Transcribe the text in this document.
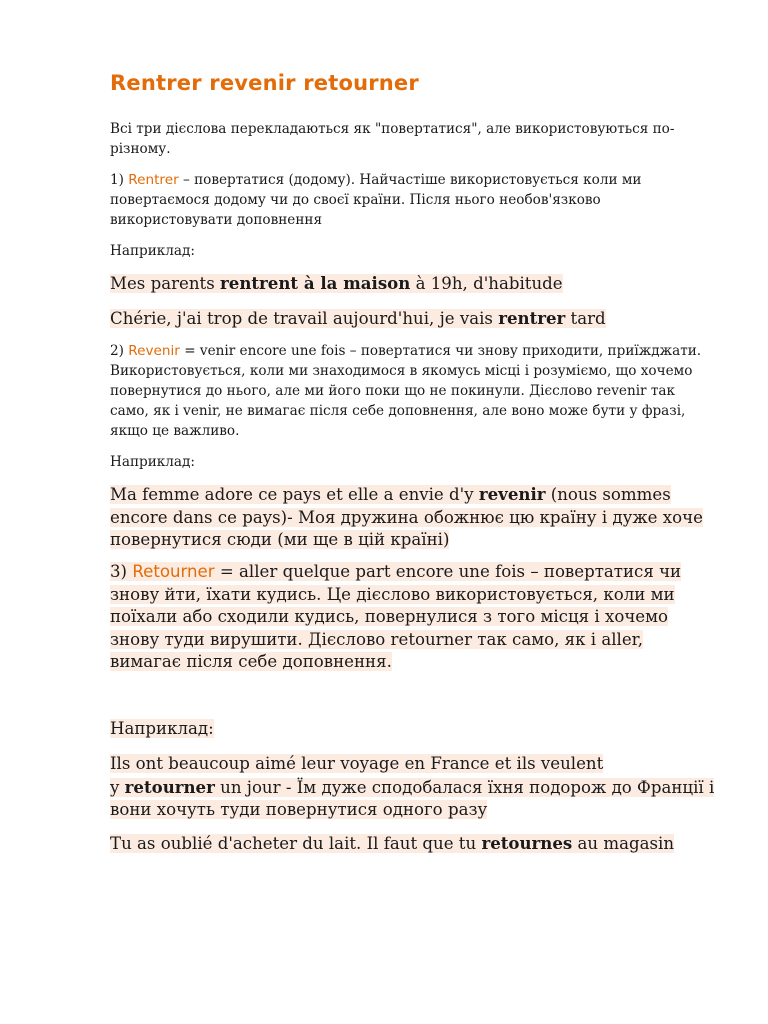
Rentrer revenir retourner

Всі три дієслова перекладаються як "повертатися", але використовуються по-різному.

1) Rentrer – повертатися (додому). Найчастіше використовується коли ми повертаємося додому чи до своєї країни. Після нього необов'язково використовувати доповнення

Наприклад:

Mes parents rentrent à la maison à 19h, d'habitude

Chérie, j'ai trop de travail aujourd'hui, je vais rentrer tard

2) Revenir = venir encore une fois – повертатися чи знову приходити, приїжджати. Використовується, коли ми знаходимося в якомусь місці і розуміємо, що хочемо повернутися до нього, але ми його поки що не покинули. Дієслово revenir так само, як і venir, не вимагає після себе доповнення, але воно може бути у фразі, якщо це важливо.

Наприклад:

Ma femme adore ce pays et elle a envie d'y revenir (nous sommes encore dans ce pays)- Моя дружина обожнює цю країну і дуже хоче повернутися сюди (ми ще в цій країні)

3) Retourner = aller quelque part encore une fois – повертатися чи знову йти, їхати кудись. Це дієслово використовується, коли ми поїхали або сходили кудись, повернулися з того місця і хочемо знову туди вирушити. Дієслово retourner так само, як і aller, вимагає після себе доповнення.

Наприклад:

Ils ont beaucoup aimé leur voyage en France et ils veulent
y retourner un jour - Їм дуже сподобалася їхня подорож до Франції і вони хочуть туди повернутися одного разу

Tu as oublié d'acheter du lait. Il faut que tu retournes au magasin
